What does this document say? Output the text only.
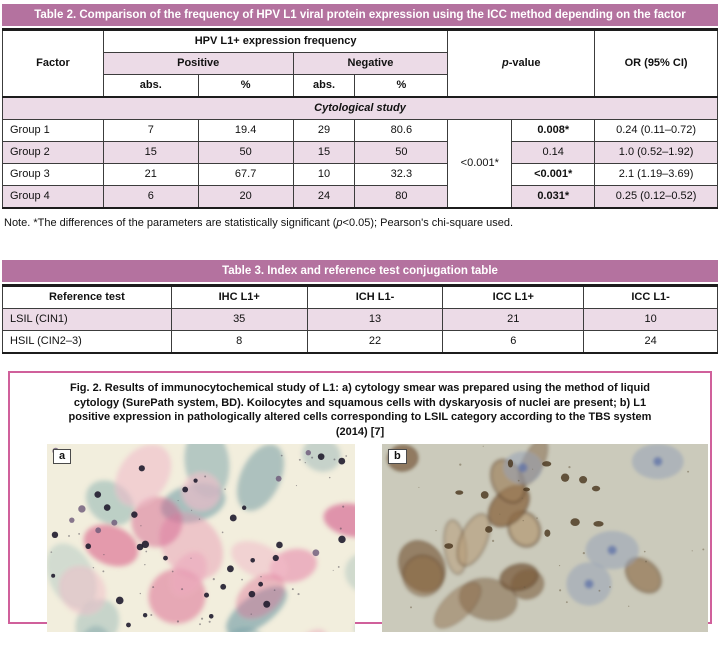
Table 2. Comparison of the frequency of HPV L1 viral protein expression using the ICC method depending on the factor
Factor	HPV L1+ expression frequency				p-value		OR (95% CI)
	Positive		Negative				
	abs.	%	abs.	%			
Cytological study							
Group 1	7	19.4	29	80.6	<0.001*	0.008*	0.24 (0.11–0.72)
Group 2	15	50	15	50		0.14	1.0 (0.52–1.92)
Group 3	21	67.7	10	32.3		<0.001*	2.1 (1.19–3.69)
Group 4	6	20	24	80		0.031*	0.25 (0.12–0.52)

Note. *The differences of the parameters are statistically significant (p<0.05); Pearson's chi-square used.

Table 3. Index and reference test conjugation table
Reference test	IHC L1+	ICH L1-	ICC L1+	ICC L1-
LSIL (CIN1)	35	13	21	10
HSIL (CIN2–3)	8	22	6	24
Fig. 2. Results of immunocytochemical study of L1: a) cytology smear was prepared using the method of liquid cytology (SurePath system, BD). Koilocytes and squamous cells with dyskaryosis of nuclei are present; b) L1 positive expression in pathologically altered cells corresponding to LSIL category according to the TBS system (2014) [7]
a	b
